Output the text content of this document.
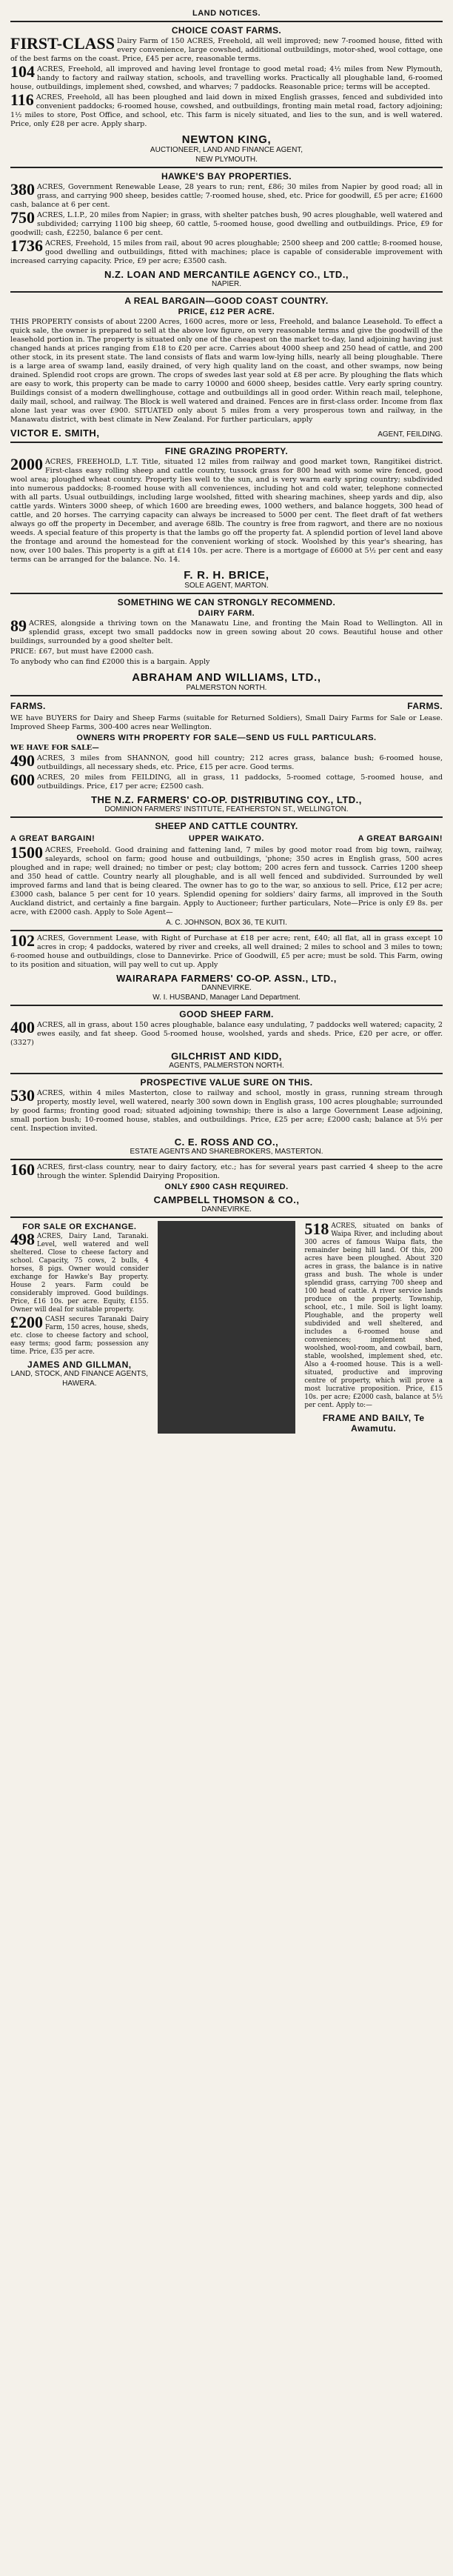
LAND NOTICES.
CHOICE COAST FARMS.
FIRST-CLASS Dairy Farm of 150 ACRES, Freehold, all well improved; new 7-roomed house, fitted with every convenience, large cowshed, additional outbuildings, motor-shed, wool cottage, one of the best farms on the coast. Price, £45 per acre, reasonable terms.
104 ACRES, Freehold, all improved and having level frontage to good metal road; 4½ miles from New Plymouth, handy to factory and railway station, schools, and travelling works. Practically all ploughable land, 6-roomed house, outbuildings, implement shed, cowshed, and wharves; 7 paddocks. Reasonable price; terms will be accepted.
116 ACRES, Freehold, all has been ploughed and laid down in mixed English grasses, fenced and subdivided into convenient paddocks; 6-roomed house, cowshed, and outbuildings, fronting main metal road, factory adjoining; 1½ miles to store, Post Office, and school, etc. This farm is nicely situated, and lies to the sun, and is well watered. Price, only £28 per acre. Apply sharp.
NEWTON KING,
AUCTIONEER, LAND AND FINANCE AGENT,
NEW PLYMOUTH.
HAWKE'S BAY PROPERTIES.
380 ACRES, Government Renewable Lease, 28 years to run; rent, £86; 30 miles from Napier by good road; all in grass, and carrying 900 sheep, besides cattle; 7-roomed house, shed, etc. Price for goodwill, £5 per acre; £1600 cash, balance at 6 per cent.
750 ACRES, L.I.P., 20 miles from Napier; in grass, with shelter patches bush, 90 acres ploughable, well watered and subdivided; carrying 1100 big sheep, 60 cattle, 5-roomed house, good dwelling and outbuildings. Price, £9 for goodwill; cash, £2250, balance 6 per cent.
1736 ACRES, Freehold, 15 miles from rail, about 90 acres ploughable; 2500 sheep and 200 cattle; 8-roomed house, good dwelling and outbuildings, fitted with machines; place is capable of considerable improvement with increased carrying capacity. Price, £9 per acre; £3500 cash.
N.Z. LOAN AND MERCANTILE AGENCY CO., LTD.,
NAPIER.
A REAL BARGAIN—GOOD COAST COUNTRY.
PRICE, £12 PER ACRE.
THIS PROPERTY consists of about 2200 Acres, 1600 acres, more or less, Freehold, and balance Leasehold. To effect a quick sale, the owner is prepared to sell at the above low figure, on very reasonable terms and give the goodwill of the leasehold portion in. The property is situated only one of the cheapest on the market to-day, land adjoining having just changed hands at prices ranging from £18 to £20 per acre. Carries about 4000 sheep and 250 head of cattle, and 200 other stock, in its present state. The land consists of flats and warm low-lying hills, nearly all being ploughable. There is a large area of swamp land, easily drained, of very high quality land on the coast, and other swamps, now being drained. Splendid root crops are grown. The crops of swedes last year sold at £8 per acre. By ploughing the flats which are easy to work, this property can be made to carry 10000 and 6000 sheep, besides cattle. Very early spring country. Buildings consist of a modern dwellinghouse, cottage and outbuildings all in good order. Within reach mail, telephone, daily mail, school, and railway. The Block is well watered and drained. Fences are in first-class order. Income from flax alone last year was over £900. SITUATED only about 5 miles from a very prosperous town and railway, in the Manawatu district, with best climate in New Zealand. For further particulars, apply
VICTOR E. SMITH,	AGENT, FEILDING.
FINE GRAZING PROPERTY.
2000 ACRES, FREEHOLD, L.T. Title, situated 12 miles from railway and good market town, Rangitikei district. First-class easy rolling sheep and cattle country, tussock grass for 800 head with some wire fenced, good wool area; ploughed wheat country. Property lies well to the sun, and is very warm early spring country; subdivided into numerous paddocks; 8-roomed house with all conveniences, including hot and cold water, telephone connected with all parts. Usual outbuildings, including large woolshed, fitted with shearing machines, sheep yards and dip, also cattle yards. Winters 3000 sheep, of which 1600 are breeding ewes, 1000 wethers, and balance hoggets, 300 head of cattle, and 20 horses. The carrying capacity can always be increased to 5000 per cent. The fleet draft of fat wethers always go off the property in December, and average 68lb. The country is free from ragwort, and there are no noxious weeds. A special feature of this property is that the lambs go off the property fat. A splendid portion of level land above the frontage and around the homestead for the convenient working of stock. Woolshed by this year's shearing, has now, over 100 bales. This property is a gift at £14 10s. per acre. There is a mortgage of £6000 at 5½ per cent and easy terms can be arranged for the balance. No. 14.
F. R. H. BRICE,
SOLE AGENT, MARTON.
SOMETHING WE CAN STRONGLY RECOMMEND.
DAIRY FARM.
89 ACRES, alongside a thriving town on the Manawatu Line, and fronting the Main Road to Wellington. All in splendid grass, except two small paddocks now in green sowing about 20 cows. Beautiful house and other buildings, surrounded by a good shelter belt.
PRICE: £67, but must have £2000 cash.
To anybody who can find £2000 this is a bargain. Apply
ABRAHAM AND WILLIAMS, LTD.,
PALMERSTON NORTH.
FARMS.	FARMS.
WE have BUYERS for Dairy and Sheep Farms (suitable for Returned Soldiers), Small Dairy Farms for Sale or Lease. Improved Sheep Farms, 300-400 acres near Wellington.
OWNERS WITH PROPERTY FOR SALE—SEND US FULL PARTICULARS.
WE HAVE FOR SALE—
490 ACRES, 3 miles from SHANNON, good hill country; 212 acres grass, balance bush; 6-roomed house, outbuildings, all necessary sheds, etc. Price, £15 per acre. Good terms.
600 ACRES, 20 miles from FEILDING, all in grass, 11 paddocks, 5-roomed cottage, 5-roomed house, and outbuildings. Price, £17 per acre; £2500 cash.
THE N.Z. FARMERS' CO-OP. DISTRIBUTING COY., LTD.,
DOMINION FARMERS' INSTITUTE, FEATHERSTON ST., WELLINGTON.
SHEEP AND CATTLE COUNTRY.
A GREAT BARGAIN!	UPPER WAIKATO.	A GREAT BARGAIN!
1500 ACRES, Freehold. Good draining and fattening land, 7 miles by good motor road from big town, railway, saleyards, school on farm; good house and outbuildings, 'phone; 350 acres in English grass, 500 acres ploughed and in rape; well drained; no timber or pest; clay bottom; 200 acres fern and tussock. Carries 1200 sheep and 350 head of cattle. Country nearly all ploughable, and is all well fenced and subdivided. Surrounded by well improved farms and land that is being cleared. The owner has to go to the war, so anxious to sell. Price, £12 per acre; £3000 cash, balance 5 per cent for 10 years. Splendid opening for soldiers' dairy farms, all improved in the South Auckland district, and certainly a fine bargain. Apply to Auctioneer; further particulars, Note—Price is only £9 8s. per acre, with £2000 cash. Apply to Sole Agent—
A. C. JOHNSON, BOX 36, TE KUITI.
102 ACRES, Government Lease, with Right of Purchase at £18 per acre; rent, £40; all flat, all in grass except 10 acres in crop; 4 paddocks, watered by river and creeks, all well drained; 2 miles to school and 3 miles to town; 6-roomed house and outbuildings, close to Dannevirke. Price of Goodwill, £5 per acre; must be sold. This Farm, owing to its position and situation, will pay well to cut up. Apply
WAIRARAPA FARMERS' CO-OP. ASSN., LTD.,
DANNEVIRKE.
W. I. HUSBAND, Manager Land Department.
GOOD SHEEP FARM.
400 ACRES, all in grass, about 150 acres ploughable, balance easy undulating, 7 paddocks well watered; capacity, 2 ewes easily, and fat sheep. Good 5-roomed house, woolshed, yards and sheds. Price, £20 per acre, or offer. (3327)
GILCHRIST AND KIDD,
AGENTS, PALMERSTON NORTH.
PROSPECTIVE VALUE SURE ON THIS.
530 ACRES, within 4 miles Masterton, close to railway and school, mostly in grass, running stream through property, mostly level, well watered, nearly 300 sown down in English grass, 100 acres ploughable; surrounded by good farms; fronting good road; situated adjoining township; there is also a large Government Lease adjoining, small portion bush; 10-roomed house, stables, and outbuildings. Price, £25 per acre; £2000 cash; balance at 5½ per cent. Inspection invited.
C. E. ROSS AND CO.,
ESTATE AGENTS AND SHAREBROKERS, MASTERTON.
160 ACRES, first-class country, near to dairy factory, etc.; has for several years past carried 4 sheep to the acre through the winter. Splendid Dairying Proposition.
ONLY £900 CASH REQUIRED.
CAMPBELL THOMSON & CO.,
DANNEVIRKE.
FOR SALE OR EXCHANGE.
498 ACRES, Dairy Land, Taranaki. Level, well watered and well sheltered. Close to cheese factory and school. Capacity, 75 cows, 2 bulls, 4 horses, 8 pigs. Owner would consider exchange for Hawke's Bay property. House 2 years. Farm could be considerably improved. Good buildings. Price, £16 10s. per acre. Equity, £155. Owner will deal for suitable property.
£200 CASH secures Taranaki Dairy Farm, 150 acres, house, sheds, etc. close to cheese factory and school, easy terms; good farm; possession any time. Price, £35 per acre.
JAMES AND GILLMAN,
LAND, STOCK, AND FINANCE AGENTS,
HAWERA.
518 ACRES, situated on banks of Waipa River, and including about 300 acres of famous Waipa flats, the remainder being hill land. Of this, 200 acres have been ploughed. About 320 acres in grass, the balance is in native grass and bush. The whole is under splendid grass, carrying 700 sheep and 100 head of cattle. A river service lands produce on the property. Township, school, etc., 1 mile. Soil is light loamy. Ploughable, and the property well subdivided and well sheltered, and includes a 6-roomed house and conveniences; implement shed, woolshed, wool-room, and cowbail, barn, stable, woolshed, implement shed, etc. Also a 4-roomed house. This is a well-situated, productive and improving centre of property, which will prove a most lucrative proposition. Price, £15 10s. per acre; £2000 cash, balance at 5½ per cent. Apply to:—
FRAME AND BAILY, Te Awamutu.
